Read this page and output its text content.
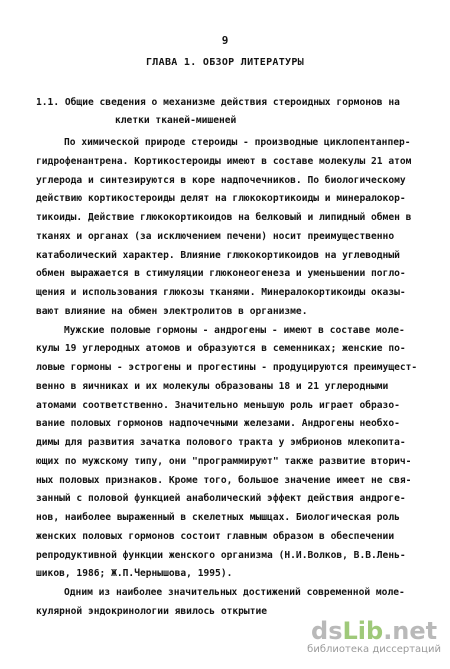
9
ГЛАВА 1. ОБЗОР ЛИТЕРАТУРЫ
1.1. Общие сведения о механизме действия стероидных гормонов на
клетки тканей-мишеней
По химической природе стероиды - производные циклопентанпер-
гидрофенантрена. Кортикостероиды имеют в составе молекулы 21 атом
углерода и синтезируются в коре надпочечников. По биологическому
действию кортикостероиды делят на глюкокортикоиды и минералокор-
тикоиды. Действие глюкокортикоидов на белковый и липидный обмен в
тканях и органах (за исключением печени) носит преимущественно
катаболический характер. Влияние глюкокортикоидов на углеводный
обмен выражается в стимуляции глюконеогенеза и уменьшении погло-
щения и использования глюкозы тканями. Минералокортикоиды оказы-
вают влияние на обмен электролитов в организме.
Мужские половые гормоны - андрогены - имеют в составе моле-
кулы 19 углеродных атомов и образуются в семенниках; женские по-
ловые гормоны - эстрогены и прогестины - продуцируются преимущест-
венно в яичниках и их молекулы образованы 18 и 21 углеродными
атомами соответственно. Значительно меньшую роль играет образо-
вание половых гормонов надпочечными железами. Андрогены необхо-
димы для развития зачатка полового тракта у эмбрионов млекопита-
ющих по мужскому типу, они "программируют" также развитие вторич-
ных половых признаков. Кроме того, большое значение имеет не свя-
занный с половой функцией анаболический эффект действия андроге-
нов, наиболее выраженный в скелетных мышцах. Биологическая роль
женских половых гормонов состоит главным образом в обеспечении
репродуктивной функции женского организма (Н.И.Волков, В.В.Лень-
шиков, 1986; Ж.П.Чернышова, 1995).
Одним из наиболее значительных достижений современной моле-
кулярной эндокринологии явилось открытие
ds Lib .net
библиотека диссертаций
